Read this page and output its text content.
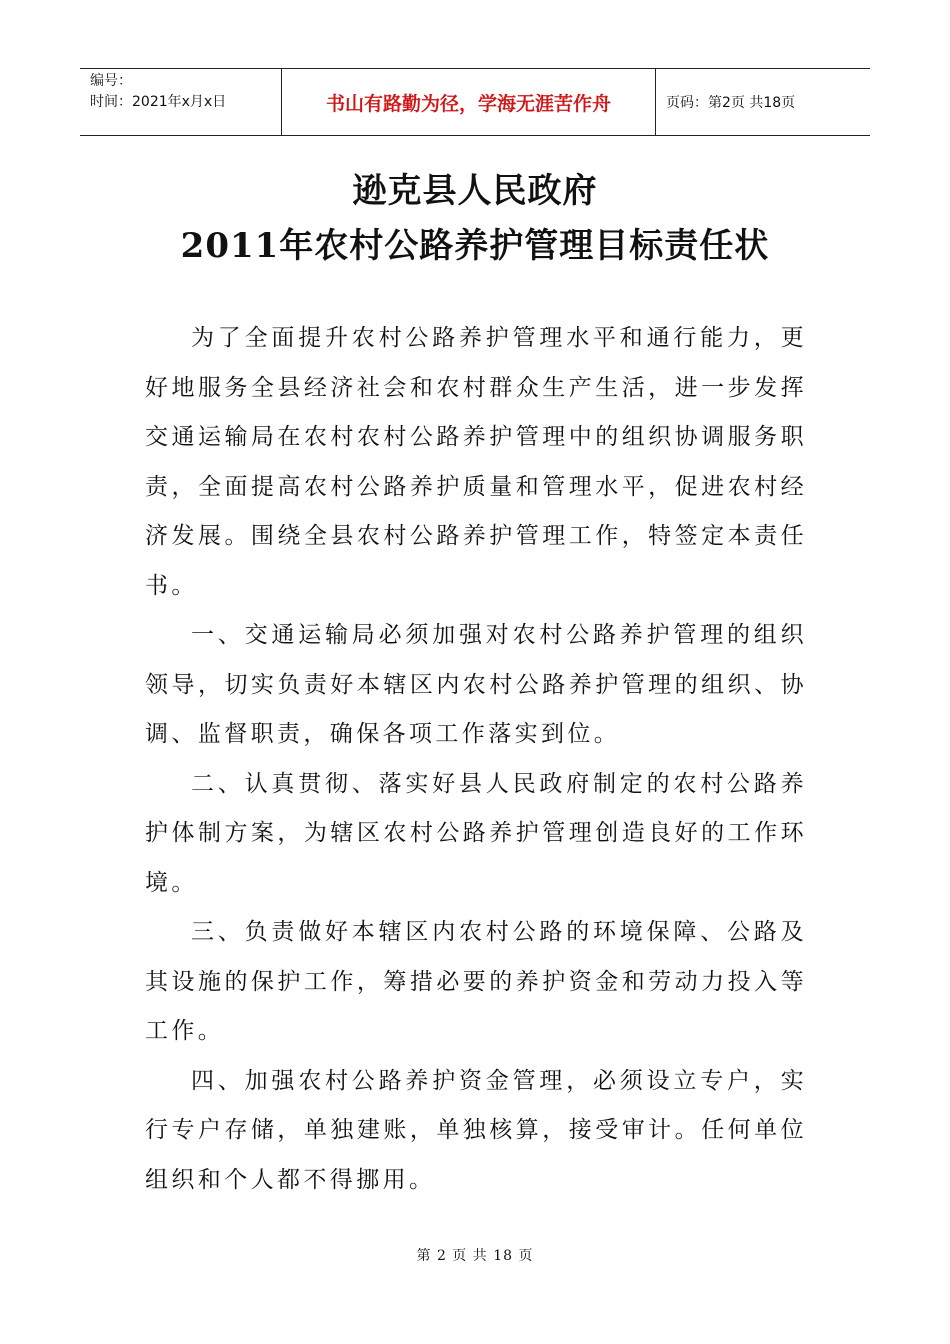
编号：
时间：2021年x月x日	书山有路勤为径，学海无涯苦作舟	页码：第2页 共18页
逊克县人民政府
2011年农村公路养护管理目标责任状

为了全面提升农村公路养护管理水平和通行能力，更好地服务全县经济社会和农村群众生产生活，进一步发挥交通运输局在农村农村公路养护管理中的组织协调服务职责，全面提高农村公路养护质量和管理水平，促进农村经济发展。围绕全县农村公路养护管理工作，特签定本责任书。

一、交通运输局必须加强对农村公路养护管理的组织领导，切实负责好本辖区内农村公路养护管理的组织、协调、监督职责，确保各项工作落实到位。

二、认真贯彻、落实好县人民政府制定的农村公路养护体制方案，为辖区农村公路养护管理创造良好的工作环境。

三、负责做好本辖区内农村公路的环境保障、公路及其设施的保护工作，筹措必要的养护资金和劳动力投入等工作。

四、加强农村公路养护资金管理，必须设立专户，实行专户存储，单独建账，单独核算，接受审计。任何单位组织和个人都不得挪用。

第 2 页 共 18 页
